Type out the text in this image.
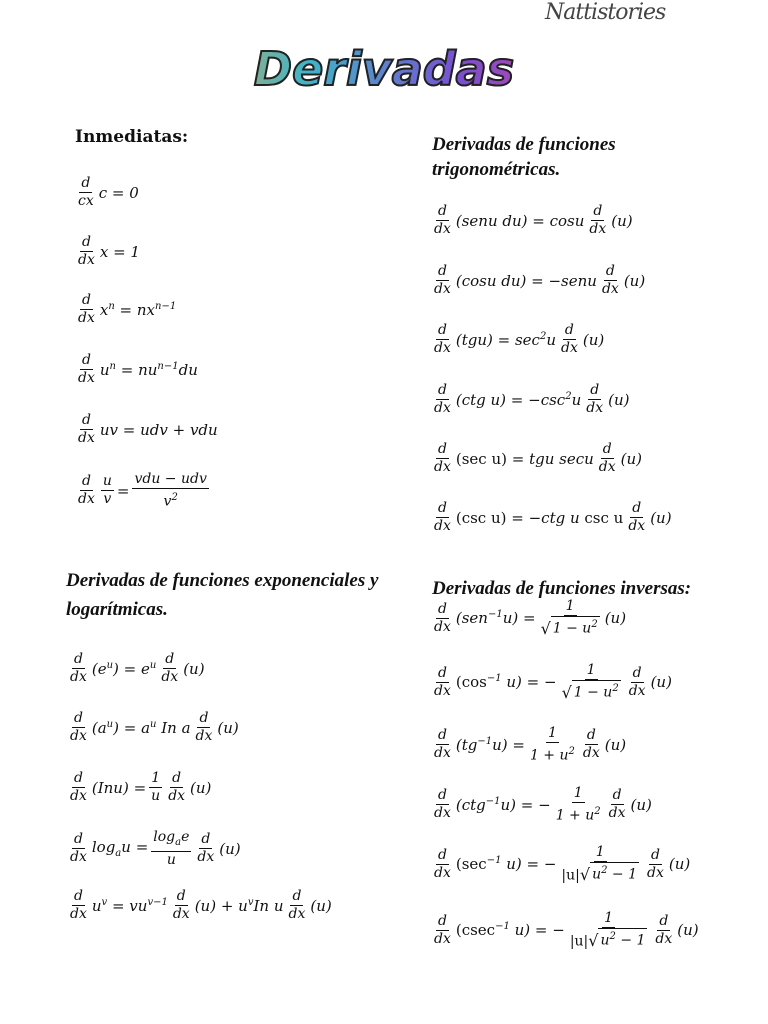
Nattistories
Derivadas
Inmediatas:
$\frac{d}{cx}$ c = 0
$\frac{d}{dx}$ x = 1
$\frac{d}{dx} x^n = nx^{n-1}$
$\frac{d}{dx} u^n = nu^{n-1}du$
$\frac{d}{dx}$ uv = udv + vdu
$\frac{d}{dx} \frac{u}{v} = \frac{\text{vdu − udv}}{v^2}$
Derivadas de funciones trigonométricas.
$\frac{d}{dx}$ (senu du) = cosu $\frac{d}{dx} (u)$
$\frac{d}{dx} (\cos u$ du) = −senu $\frac{d}{dx} (u)$
$\frac{d}{dx} (tgu) = \sec^2u \frac{d}{dx} (u)$
$\frac{d}{dx} (ctg$ $u) = -\csc^2u \frac{d}{dx} (u)$
$\frac{d}{dx} (\sec$ u) = tgu secu $\frac{d}{dx} (u)$
$\frac{d}{dx} (\csc$ u) = −ctg u csc u $\frac{d}{dx} (u)$
Derivadas de funciones exponenciales y logarítmicas.
$\frac{d}{dx} (e^u) = e^u \frac{d}{dx} (u)$
$\frac{d}{dx} (a^u) = a^u$ In a $\frac{d}{dx} (u)$
$\frac{d}{dx} (Inu) = \frac{1}{u} \frac{d}{dx} (u)$
$\frac{d}{dx} \log_au = \frac{\log_ae}{u} \frac{d}{dx} (u)$
$\frac{d}{dx} u^v = vu^{v-1} \frac{d}{dx} (u) + u^vIn$ u $\frac{d}{dx} (u)$
Derivadas de funciones inversas:
$\frac{d}{dx} (sen^{-1}u) = \frac{1}{√ 1 - u^2} (u)$
$\frac{d}{dx} (\cos^{-1}$ u) = − $\frac{1}{√ 1 - u^2} \frac{d}{dx} (u)$
$\frac{d}{dx} (tg^{-1}u) = \frac{1}{1 + u^2} \frac{d}{dx} (u)$
$\frac{d}{dx} (ctg^{-1}u)$ = − $\frac{1}{1 + u^2} \frac{d}{dx} (u)$
$\frac{d}{dx} (\sec^{-1}$ u) = − $\frac{1}{|u| √ u^2 - 1} \frac{d}{dx} (u)$
$\frac{d}{dx} (csec^{-1}$ u) = − $\frac{1}{|u| √ u^2 - 1} \frac{d}{dx} (u)$
